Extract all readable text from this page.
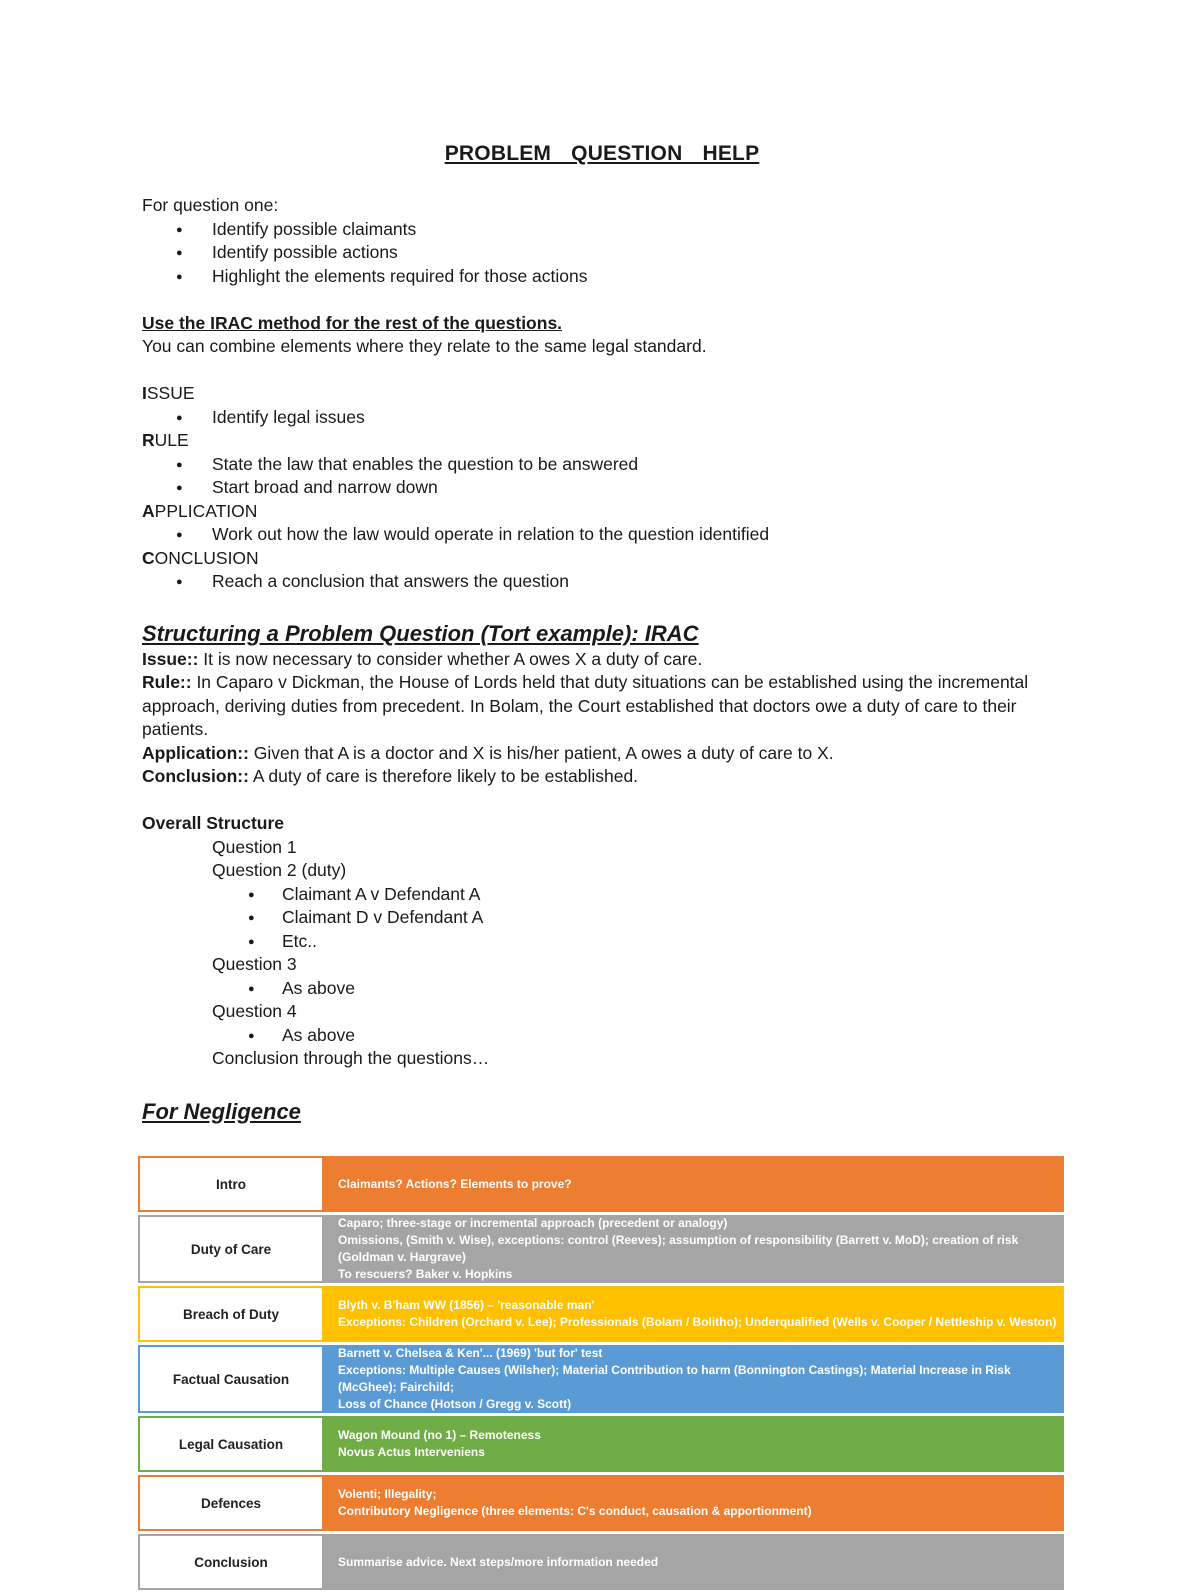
PROBLEM QUESTION HELP

For question one:

● Identify possible claimants
● Identify possible actions
● Highlight the elements required for those actions

Use the IRAC method for the rest of the questions.

You can combine elements where they relate to the same legal standard.

ISSUE

● Identify legal issues

RULE

● State the law that enables the question to be answered
● Start broad and narrow down

APPLICATION

● Work out how the law would operate in relation to the question identified

CONCLUSION

● Reach a conclusion that answers the question

Structuring a Problem Question (Tort example): IRAC

Issue:: It is now necessary to consider whether A owes X a duty of care.

Rule:: In Caparo v Dickman, the House of Lords held that duty situations can be established using the incremental approach, deriving duties from precedent. In Bolam, the Court established that doctors owe a duty of care to their patients.

Application:: Given that A is a doctor and X is his/her patient, A owes a duty of care to X.

Conclusion:: A duty of care is therefore likely to be established.

Overall Structure

Question 1

Question 2 (duty)

● Claimant A v Defendant A
● Claimant D v Defendant A
● Etc..

Question 3

● As above

Question 4

● As above

Conclusion through the questions…

For Negligence

Intro	Claimants? Actions? Elements to prove?

Duty of Care	Caparo; three-stage or incremental approach (precedent or analogy)
Omissions, (Smith v. Wise), exceptions: control (Reeves); assumption of responsibility (Barrett v. MoD); creation of risk (Goldman v. Hargrave)
To rescuers? Baker v. Hopkins

Breach of Duty	Blyth v. B'ham WW (1856) – 'reasonable man'
Exceptions: Children (Orchard v. Lee); Professionals (Bolam / Bolitho); Underqualified (Wells v. Cooper / Nettleship v. Weston)

Factual Causation	Barnett v. Chelsea & Ken'... (1969) 'but for' test
Exceptions: Multiple Causes (Wilsher); Material Contribution to harm (Bonnington Castings); Material Increase in Risk (McGhee); Fairchild;
Loss of Chance (Hotson / Gregg v. Scott)

Legal Causation	Wagon Mound (no 1) – Remoteness
Novus Actus Interveniens

Defences	Volenti; Illegality;
Contributory Negligence (three elements: C's conduct, causation & apportionment)

Conclusion	Summarise advice. Next steps/more information needed
